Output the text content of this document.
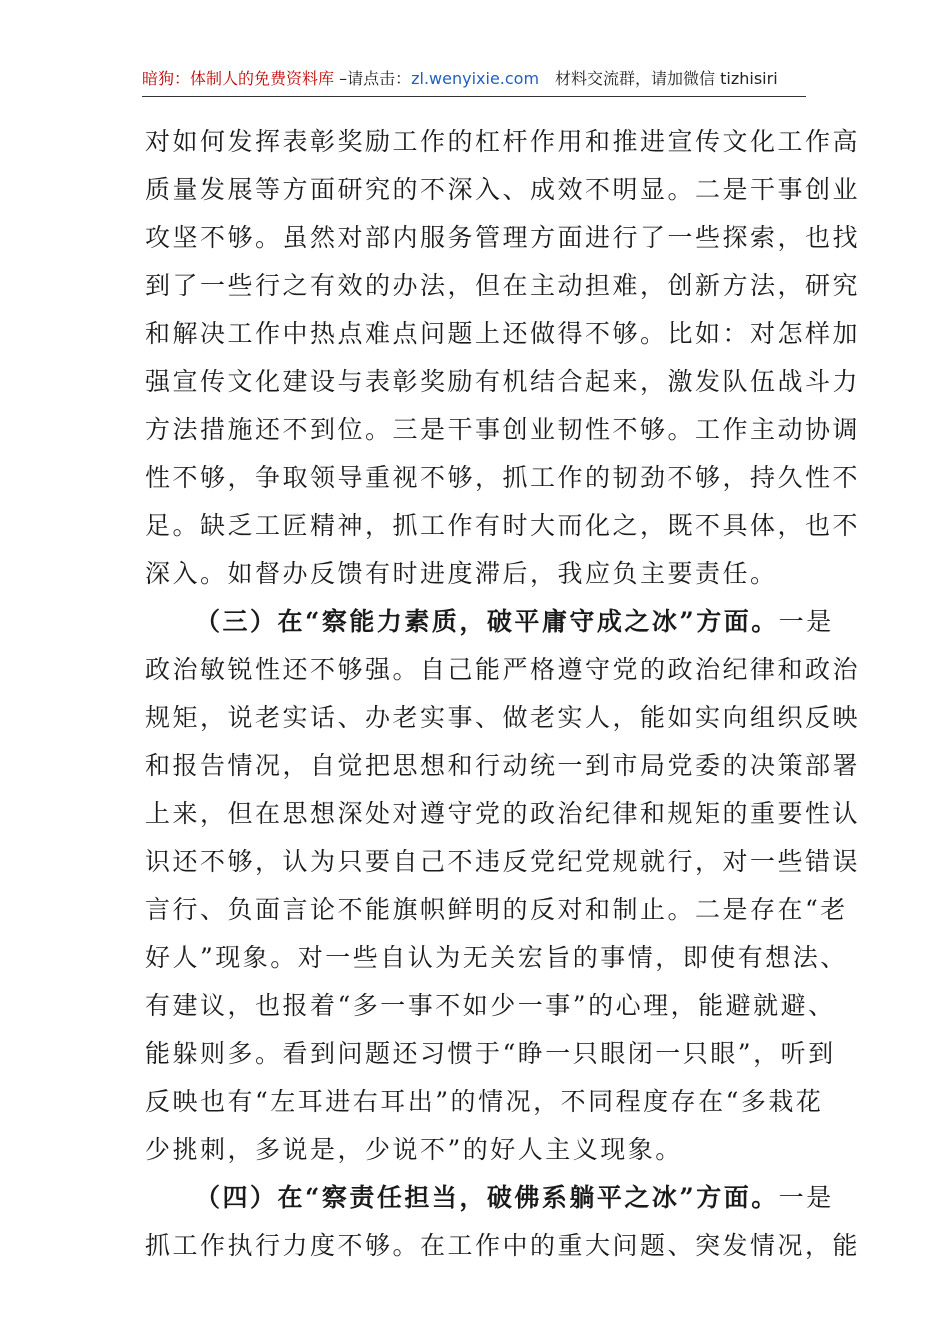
暗狗：体制人的免费资料库 –请点击：zl.wenyixie.com 材料交流群，请加微信 tizhisiri
对如何发挥表彰奖励工作的杠杆作用和推进宣传文化工作高
质量发展等方面研究的不深入、成效不明显。二是干事创业
攻坚不够。虽然对部内服务管理方面进行了一些探索，也找
到了一些行之有效的办法，但在主动担难，创新方法，研究
和解决工作中热点难点问题上还做得不够。比如：对怎样加
强宣传文化建设与表彰奖励有机结合起来，激发队伍战斗力
方法措施还不到位。三是干事创业韧性不够。工作主动协调
性不够，争取领导重视不够，抓工作的韧劲不够，持久性不
足。缺乏工匠精神，抓工作有时大而化之，既不具体，也不
深入。如督办反馈有时进度滞后，我应负主要责任。
（三）在“察能力素质，破平庸守成之冰”方面。一是
政治敏锐性还不够强。自己能严格遵守党的政治纪律和政治
规矩，说老实话、办老实事、做老实人，能如实向组织反映
和报告情况，自觉把思想和行动统一到市局党委的决策部署
上来，但在思想深处对遵守党的政治纪律和规矩的重要性认
识还不够，认为只要自己不违反党纪党规就行，对一些错误
言行、负面言论不能旗帜鲜明的反对和制止。二是存在“老
好人”现象。对一些自认为无关宏旨的事情，即使有想法、
有建议，也报着“多一事不如少一事”的心理，能避就避、
能躲则多。看到问题还习惯于“睁一只眼闭一只眼”，听到
反映也有“左耳进右耳出”的情况，不同程度存在“多栽花
少挑刺，多说是，少说不”的好人主义现象。
（四）在“察责任担当，破佛系躺平之冰”方面。一是
抓工作执行力度不够。在工作中的重大问题、突发情况，能
